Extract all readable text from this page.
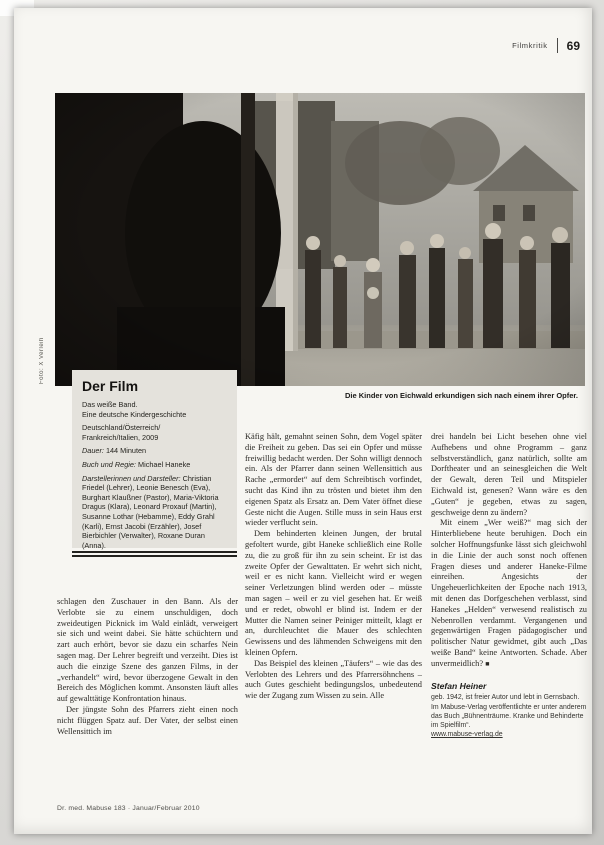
Filmkritik 69
Foto: X Verleih
Die Kinder von Eichwald erkundigen sich nach einem ihrer Opfer.
Der Film
Das weiße Band.
Eine deutsche Kindergeschichte
Deutschland/Österreich/
Frankreich/Italien, 2009
Dauer: 144 Minuten
Buch und Regie: Michael Haneke
Darstellerinnen und Darsteller: Christian Friedel (Lehrer), Leonie Benesch (Eva), Burghart Klaußner (Pastor), Maria-Viktoria Dragus (Klara), Leonard Proxauf (Martin), Susanne Lothar (Hebamme), Eddy Grahl (Karli), Ernst Jacobi (Erzähler), Josef Bierbichler (Verwalter), Roxane Duran (Anna).

schlagen den Zuschauer in den Bann. Als der Verlobte sie zu einem unschuldigen, doch zweideutigen Picknick im Wald einlädt, verweigert sie sich und weint dabei. Sie hätte schüchtern und zart auch erhört, bevor sie dazu ein scharfes Nein sagen mag. Der Lehrer begreift und verzeiht. Dies ist auch die einzige Szene des ganzen Films, in der „verhandelt“ wird, bevor überzogene Gewalt in den Bereich des Möglichen kommt. Ansonsten läuft alles auf gewalttätige Konfrontation hinaus.

Der jüngste Sohn des Pfarrers zieht einen noch nicht flüggen Spatz auf. Der Vater, der selbst einen Wellensittich im

Käfig hält, gemahnt seinen Sohn, dem Vogel später die Freiheit zu geben. Das sei ein Opfer und müsse freiwillig bedacht werden. Der Sohn willigt dennoch ein. Als der Pfarrer dann seinen Wellensittich aus Rache „ermordet“ auf dem Schreibtisch vorfindet, sucht das Kind ihn zu trösten und bietet ihm den eigenen Spatz als Ersatz an. Dem Vater öffnet diese Geste nicht die Augen. Stille muss in sein Haus erst wieder verflucht sein.

Dem behinderten kleinen Jungen, der brutal gefoltert wurde, gibt Haneke schließlich eine Rolle zu, die zu groß für ihn zu sein scheint. Er ist das zweite Opfer der Gewalttaten. Er wehrt sich nicht, weil er es nicht kann. Vielleicht wird er wegen seiner Verletzungen blind werden oder – müsste man sagen – weil er zu viel gesehen hat. Er weiß und er redet, obwohl er blind ist. Indem er der Mutter die Namen seiner Peiniger mitteilt, klagt er an, durchleuchtet die Mauer des schlechten Gewissens und des lähmenden Schweigens mit den kleinen Opfern.

Das Beispiel des kleinen „Täufers“ – wie das des Verlobten des Lehrers und des Pfarrersöhnchens – auch Gutes geschieht bedingungslos, unbedeutend wie der Zugang zum Wissen zu sein. Alle

drei handeln bei Licht besehen ohne viel Aufhebens und ohne Programm – ganz selbstverständlich, ganz natürlich, sollte am Dorftheater und an seinesgleichen die Welt der Gewalt, deren Teil und Mitspieler Eichwald ist, genesen? Wann wäre es den „Guten“ je gegeben, etwas zu sagen, geschweige denn zu ändern?

Mit einem „Wer weiß?“ mag sich der Hinterbliebene heute beruhigen. Doch ein solcher Hoffnungsfunke lässt sich gleichwohl in die Linie der auch sonst noch offenen Fragen dieses und anderer Haneke-Filme einreihen. Angesichts der Ungeheuerlichkeiten der Epoche nach 1913, mit denen das Dorfgeschehen verblasst, sind Hanekes „Helden“ verwesend realistisch zu Nebenrollen verdammt. Vergangenen und gegenwärtigen Fragen pädagogischer und politischer Natur gewidmet, gibt auch „Das weiße Band“ keine Antworten. Schade. Aber unvermeidlich? ■

Stefan Heiner
geb. 1942, ist freier Autor und lebt in Gernsbach. Im Mabuse-Verlag veröffentlichte er unter anderem das Buch „Bühnenträume. Kranke und Behinderte im Spielfilm“.
www.mabuse-verlag.de
Dr. med. Mabuse 183 · Januar/Februar 2010
